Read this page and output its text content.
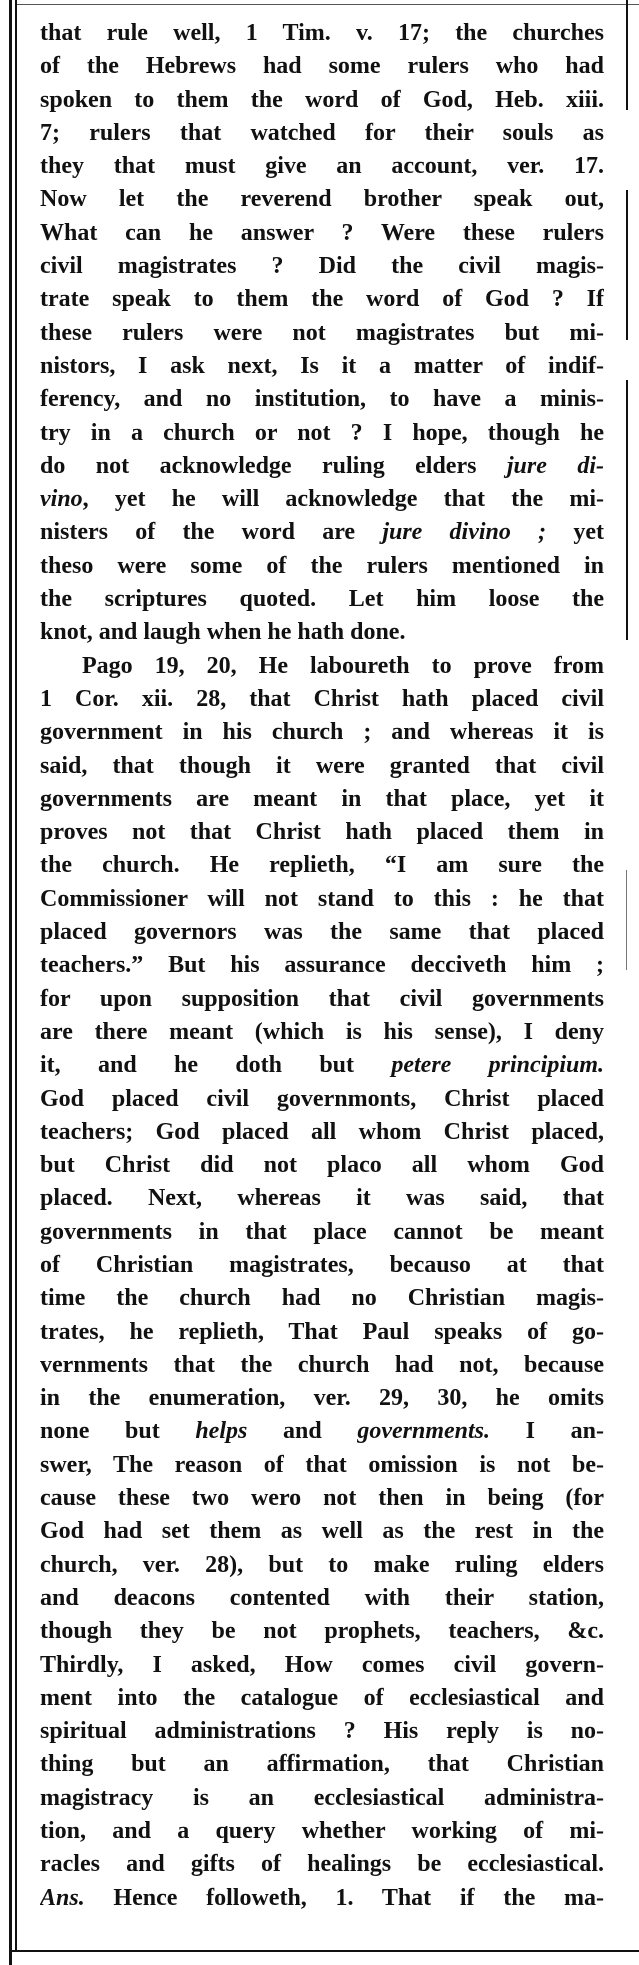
that rule well, 1 Tim. v. 17; the churches
of the Hebrews had some rulers who had
spoken to them the word of God, Heb. xiii.
7; rulers that watched for their souls as
they that must give an account, ver. 17.
Now let the reverend brother speak out,
What can he answer ? Were these rulers
civil magistrates ? Did the civil magis-
trate speak to them the word of God ? If
these rulers were not magistrates but mi-
nistors, I ask next, Is it a matter of indif-
ferency, and no institution, to have a minis-
try in a church or not ? I hope, though he
do not acknowledge ruling elders jure di-
vino, yet he will acknowledge that the mi-
nisters of the word are jure divino ; yet
theso were some of the rulers mentioned in
the scriptures quoted. Let him loose the
knot, and laugh when he hath done.
Pago 19, 20, He laboureth to prove from
1 Cor. xii. 28, that Christ hath placed civil
government in his church ; and whereas it is
said, that though it were granted that civil
governments are meant in that place, yet it
proves not that Christ hath placed them in
the church. He replieth, “I am sure the
Commissioner will not stand to this : he that
placed governors was the same that placed
teachers.” But his assurance decciveth him ;
for upon supposition that civil governments
are there meant (which is his sense), I deny
it, and he doth but petere principium.
God placed civil governmonts, Christ placed
teachers; God placed all whom Christ placed,
but Christ did not placo all whom God
placed. Next, whereas it was said, that
governments in that place cannot be meant
of Christian magistrates, becauso at that
time the church had no Christian magis-
trates, he replieth, That Paul speaks of go-
vernments that the church had not, because
in the enumeration, ver. 29, 30, he omits
none but helps and governments. I an-
swer, The reason of that omission is not be-
cause these two wero not then in being (for
God had set them as well as the rest in the
church, ver. 28), but to make ruling elders
and deacons contented with their station,
though they be not prophets, teachers, &c.
Thirdly, I asked, How comes civil govern-
ment into the catalogue of ecclesiastical and
spiritual administrations ? His reply is no-
thing but an affirmation, that Christian
magistracy is an ecclesiastical administra-
tion, and a query whether working of mi-
racles and gifts of healings be ecclesiastical.
Ans. Hence followeth, 1. That if the ma-
